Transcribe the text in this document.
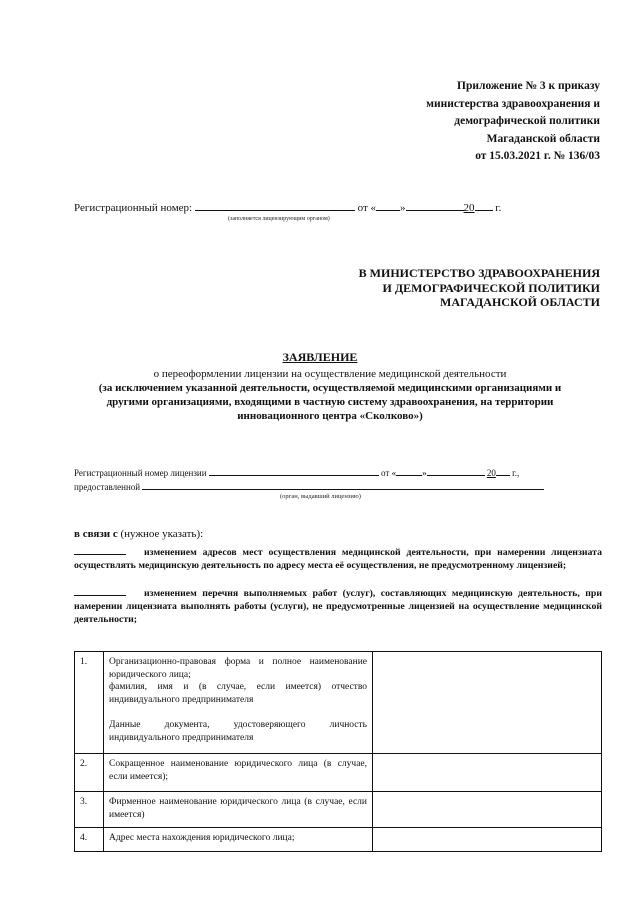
Приложение № 3 к приказу
министерства здравоохранения и
демографической политики
Магаданской области
от 15.03.2021 г. № 136/03
Регистрационный номер:	от « »	20 г.
(заполняется лицензирующим органом)
В МИНИСТЕРСТВО ЗДРАВООХРАНЕНИЯ
И ДЕМОГРАФИЧЕСКОЙ ПОЛИТИКИ
МАГАДАНСКОЙ ОБЛАСТИ
ЗАЯВЛЕНИЕ
о переоформлении лицензии на осуществление медицинской деятельности
(за исключением указанной деятельности, осуществляемой медицинскими организациями и
другими организациями, входящими в частную систему здравоохранения, на территории
инновационного центра «Сколково»)
Регистрационный номер лицензии	от «	»	20 г.,
предоставленной
(орган, выдавший лицензию)
в связи с (нужное указать):
изменением адресов мест осуществления медицинской деятельности, при намерении лицензиата осуществлять медицинскую деятельность по адресу места её осуществления, не предусмотренному лицензией;
изменением перечня выполняемых работ (услуг), составляющих медицинскую деятельность, при намерении лицензиата выполнять работы (услуги), не предусмотренные лицензией на осуществление медицинской деятельности;
1.	Организационно-правовая форма и полное наименование юридического лица;
фамилия, имя и (в случае, если имеется) отчество индивидуального предпринимателя
Данные документа, удостоверяющего личность индивидуального предпринимателя	

2.	Сокращенное наименование юридического лица (в случае, если имеется);	
3.	Фирменное наименование юридического лица (в случае, если имеется)	
4.	Адрес места нахождения юридического лица;	
